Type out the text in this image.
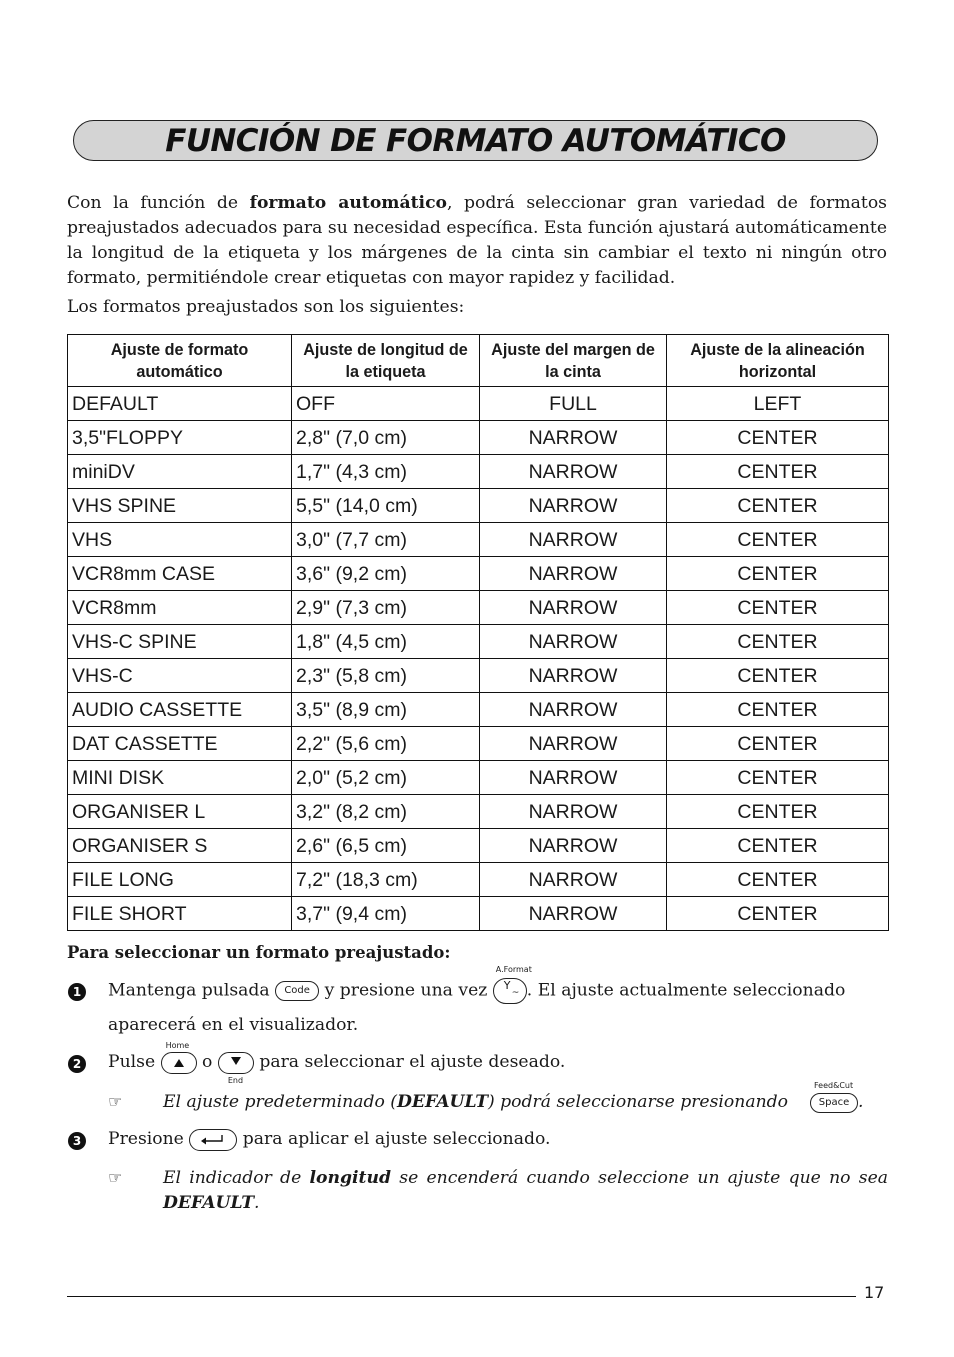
FUNCIÓN DE FORMATO AUTOMÁTICO

Con la función de formato automático, podrá seleccionar gran variedad de formatos preajustados adecuados para su necesidad específica. Esta función ajustará automáticamente la longitud de la etiqueta y los márgenes de la cinta sin cambiar el texto ni ningún otro formato, permitiéndole crear etiquetas con mayor rapidez y facilidad.

Los formatos preajustados son los siguientes:

Ajuste de formato automático	Ajuste de longitud de la etiqueta	Ajuste del margen de la cinta	Ajuste de la alineación horizontal
DEFAULT	OFF	FULL	LEFT
3,5"FLOPPY	2,8" (7,0 cm)	NARROW	CENTER
miniDV	1,7" (4,3 cm)	NARROW	CENTER
VHS SPINE	5,5" (14,0 cm)	NARROW	CENTER
VHS	3,0" (7,7 cm)	NARROW	CENTER
VCR8mm CASE	3,6" (9,2 cm)	NARROW	CENTER
VCR8mm	2,9" (7,3 cm)	NARROW	CENTER
VHS-C SPINE	1,8" (4,5 cm)	NARROW	CENTER
VHS-C	2,3" (5,8 cm)	NARROW	CENTER
AUDIO CASSETTE	3,5" (8,9 cm)	NARROW	CENTER
DAT CASSETTE	2,2" (5,6 cm)	NARROW	CENTER
MINI DISK	2,0" (5,2 cm)	NARROW	CENTER
ORGANISER L	3,2" (8,2 cm)	NARROW	CENTER
ORGANISER S	2,6" (6,5 cm)	NARROW	CENTER
FILE LONG	7,2" (18,3 cm)	NARROW	CENTER
FILE SHORT	3,7" (9,4 cm)	NARROW	CENTER

Para seleccionar un formato preajustado:

1 Mantenga pulsada Code y presione una vez
A.Format
Y
~ . El ajuste actualmente seleccionado

aparecerá en el visualizador.

2 Pulse
Home
o
End
para seleccionar el ajuste deseado.

☞ El ajuste predeterminado (DEFAULT) podrá seleccionarse presionando
Feed&Cut
Space .

3 Presione	para aplicar el ajuste seleccionado.

☞ El indicador de longitud se encenderá cuando seleccione un ajuste que no sea DEFAULT.

17
